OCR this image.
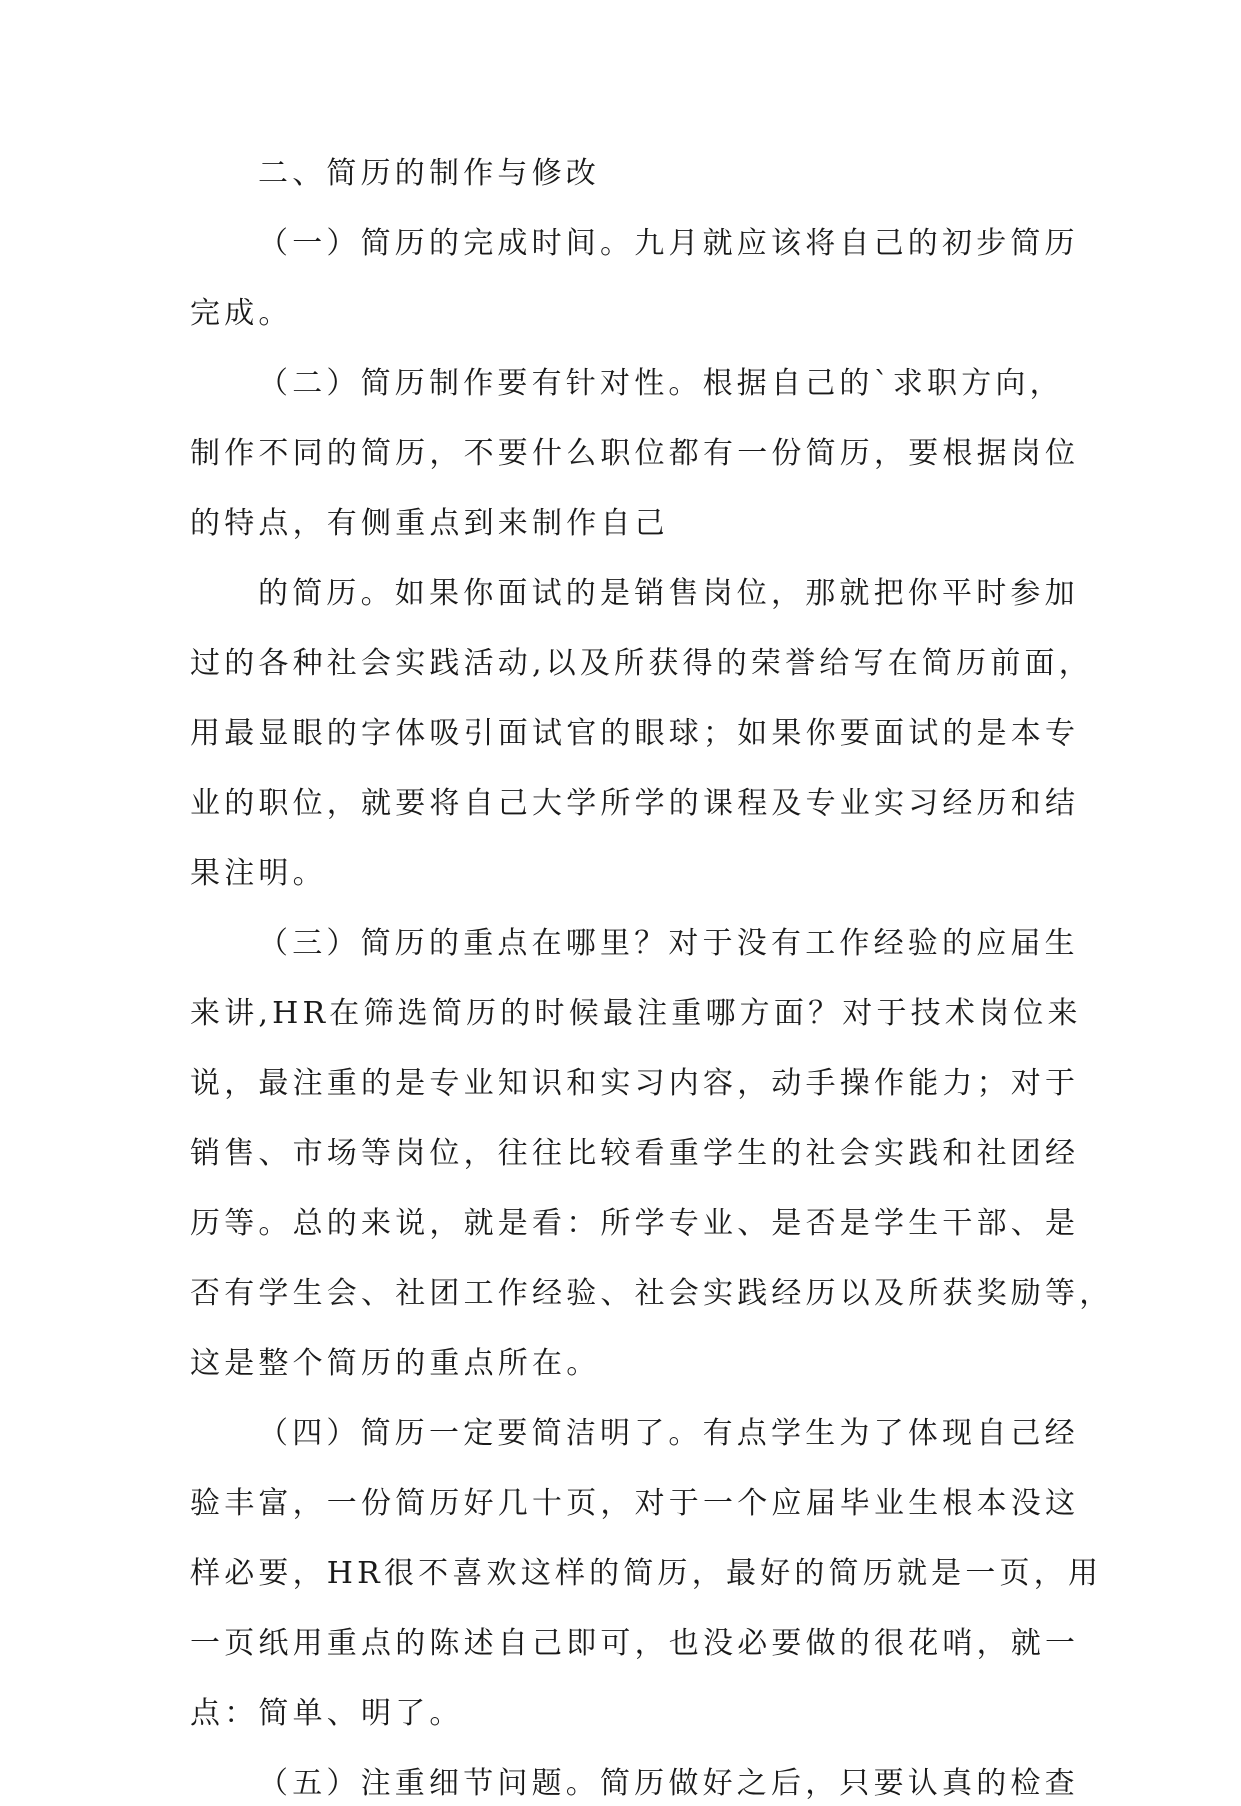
二、简历的制作与修改

（一）简历的完成时间。九月就应该将自己的初步简历

完成。

（二）简历制作要有针对性。根据自己的`求职方向，

制作不同的简历，不要什么职位都有一份简历，要根据岗位

的特点，有侧重点到来制作自己

的简历。如果你面试的是销售岗位，那就把你平时参加

过的各种社会实践活动,以及所获得的荣誉给写在简历前面，

用最显眼的字体吸引面试官的眼球；如果你要面试的是本专

业的职位，就要将自己大学所学的课程及专业实习经历和结

果注明。

（三）简历的重点在哪里？对于没有工作经验的应届生

来讲,HR在筛选简历的时候最注重哪方面？对于技术岗位来

说，最注重的是专业知识和实习内容，动手操作能力；对于

销售、市场等岗位，往往比较看重学生的社会实践和社团经

历等。总的来说，就是看：所学专业、是否是学生干部、是

否有学生会、社团工作经验、社会实践经历以及所获奖励等，

这是整个简历的重点所在。

（四）简历一定要简洁明了。有点学生为了体现自己经

验丰富，一份简历好几十页，对于一个应届毕业生根本没这

样必要，HR很不喜欢这样的简历，最好的简历就是一页，用

一页纸用重点的陈述自己即可，也没必要做的很花哨，就一

点：简单、明了。

（五）注重细节问题。简历做好之后，只要认真的检查
